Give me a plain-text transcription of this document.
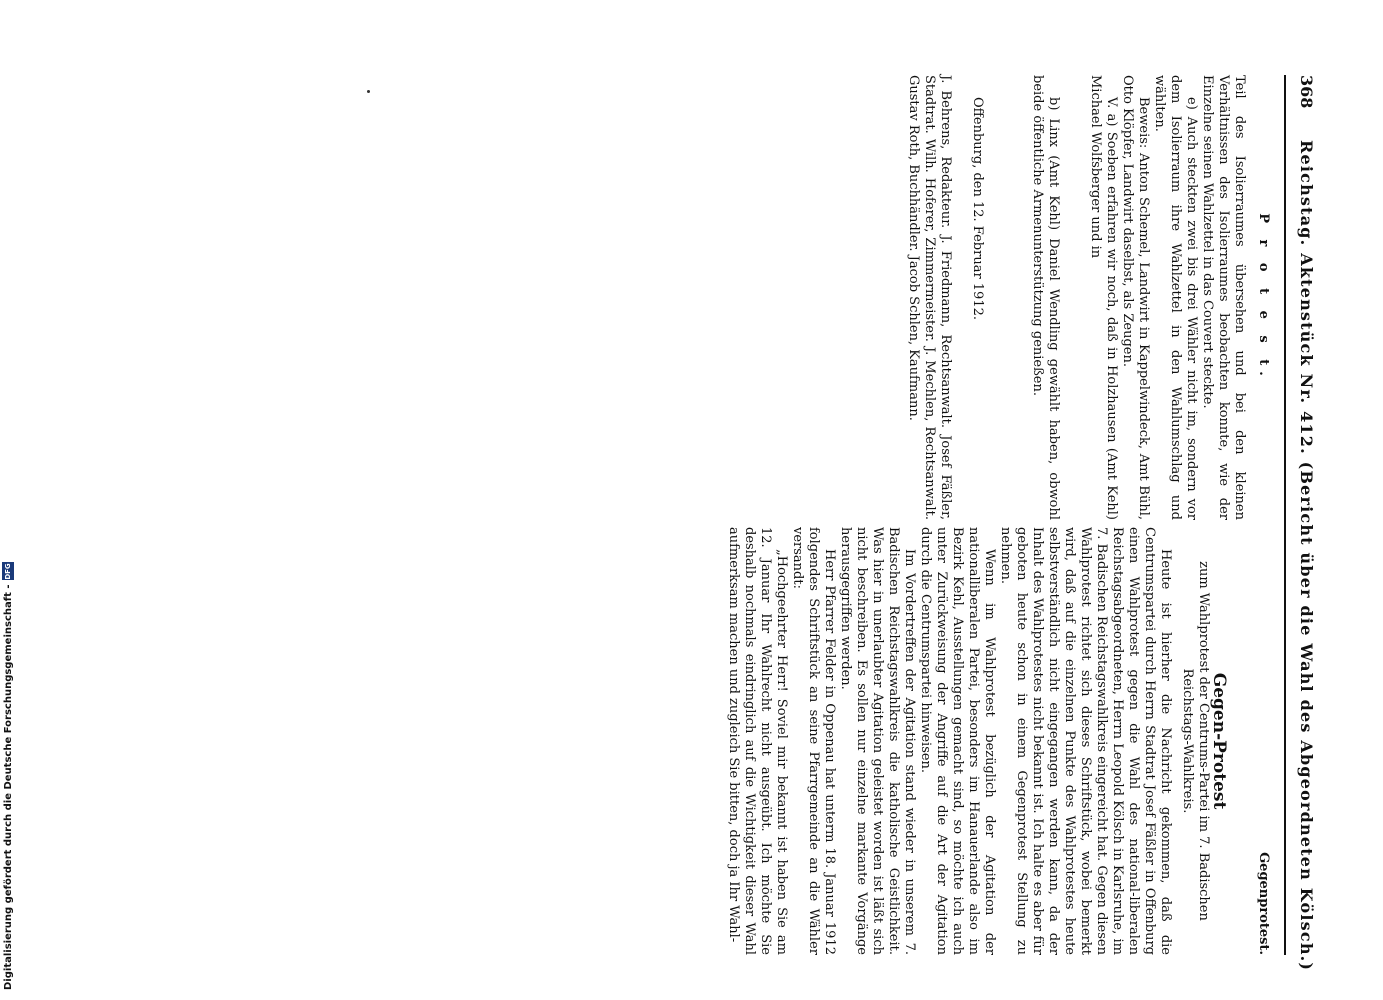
368
Reichstag. Aktenstück Nr. 412. (Bericht über die Wahl des Abgeordneten Kölsch.)

P r o t e s t.

Teil des Isolierraumes übersehen und bei den kleinen Verhältnissen des Isolierraumes beobachten konnte, wie der Einzelne seinen Wahlzettel in das Couvert steckte.

e) Auch steckten zwei bis drei Wähler nicht im, sondern vor dem Isolierraum ihre Wahlzettel in den Wahlumschlag und wählten.

Beweis: Anton Schemel, Landwirt in Kappelwindeck, Amt Bühl, Otto Klöpfer, Landwirt daselbst, als Zeugen.

V. a) Soeben erfahren wir noch, daß in Holzhausen (Amt Kehl) Michael Wolfsberger und in

b) Linx (Amt Kehl) Daniel Wendling gewählt haben, obwohl beide öffentliche Armenunterstützung genießen.

Offenburg, den 12. Februar 1912.

J. Behrens, Redakteur. J. Friedmann, Rechtsanwalt. Josef Fäßler, Stadtrat. Wilh. Hoferer, Zimmermeister. J. Mechlen, Rechtsanwalt. Gustav Roth, Buchhändler. Jacob Schlen, Kaufmann.

Gegenprotest.

Gegen-Protest

zum Wahlprotest der Centrums-Partei im 7. Badischen Reichstags-Wahlkreis.

Heute ist hierher die Nachricht gekommen, daß die Centrumspartei durch Herrn Stadtrat Josef Fäßler in Offenburg einen Wahlprotest gegen die Wahl des national-liberalen Reichstagsabgeordneten, Herrn Leopold Kölsch in Karlsruhe, im 7. Badischen Reichstagswahlkreis eingereicht hat. Gegen diesen Wahlprotest richtet sich dieses Schriftstück, wobei bemerkt wird, daß auf die einzelnen Punkte des Wahlprotestes heute selbstverständlich nicht eingegangen werden kann, da der Inhalt des Wahlprotestes nicht bekannt ist. Ich halte es aber für geboten heute schon in einem Gegenprotest Stellung zu nehmen.

Wenn im Wahlprotest bezüglich der Agitation der nationalliberalen Partei, besonders im Hanauerlande also im Bezirk Kehl, Ausstellungen gemacht sind, so möchte ich auch unter Zurückweisung der Angriffe auf die Art der Agitation durch die Centrumspartei hinweisen.

Im Vordertreffen der Agitation stand wieder in unserem 7. Badischen Reichstagswahlkreis die katholische Geistlichkeit. Was hier in unerlaubter Agitation geleistet worden ist läßt sich nicht beschreiben. Es sollen nur einzelne markante Vorgänge herausgegriffen werden.

Herr Pfarrer Felder in Oppenau hat unterm 18. Januar 1912 folgendes Schriftstück an seine Pfarrgemeinde an die Wähler versandt:

„Hochgeehrter Herr! Soviel mir bekannt ist haben Sie am 12. Januar Ihr Wahlrecht nicht ausgeübt. Ich möchte Sie deshalb nochmals eindringlich auf die Wichtigkeit dieser Wahl aufmerksam machen und zugleich Sie bitten, doch ja Ihr Wahl-

Digitalisierung gefördert durch die Deutsche Forschungsgemeinschaft -
DFG
